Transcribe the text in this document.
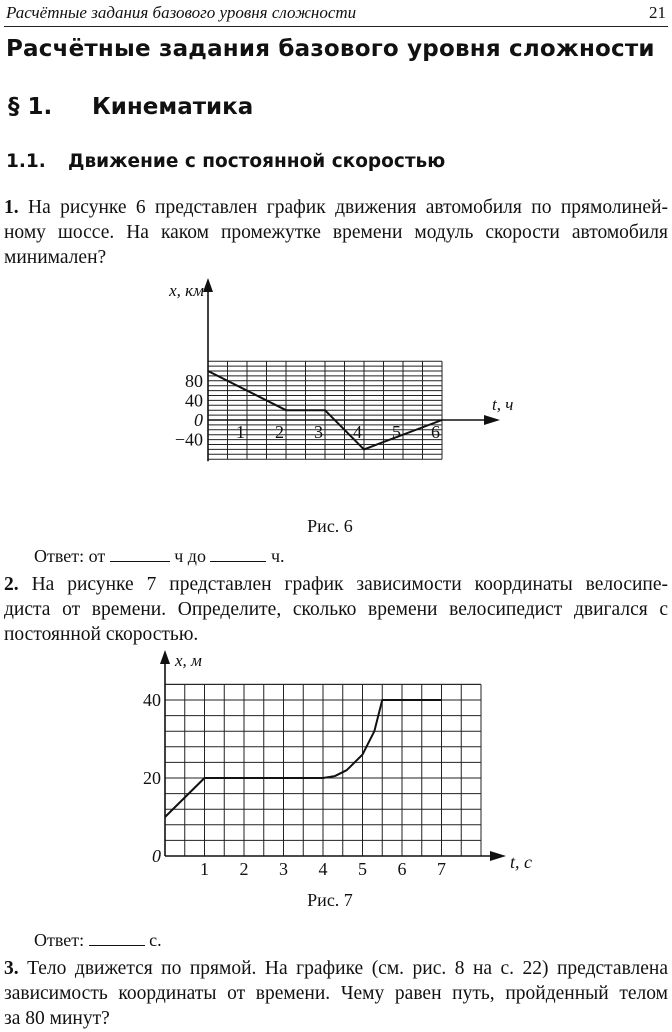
Расчётные задания базового уровня сложности	21
Расчётные задания базового уровня сложности
§ 1. Кинематика
1.1. Движение с постоянной скоростью
1. На рисунке 6 представлен график движения автомобиля по прямолиней-
ному шоссе. На каком промежутке времени модуль скорости автомобиля
минимален?
80
40
0
−40 1 2 3 4 5 6
x, км
t, ч
Рис. 6
Ответ: от	ч до	ч.
2. На рисунке 7 представлен график зависимости координаты велосипе-
диста от времени. Определите, сколько времени велосипедист двигался с
постоянной скоростью.
40
20
0
1 2 3 4 5 6 7
x, м
t, с
Рис. 7
Ответ:	с.
3. Тело движется по прямой. На графике (см. рис. 8 на с. 22) представлена
зависимость координаты от времени. Чему равен путь, пройденный телом
за 80 минут?
